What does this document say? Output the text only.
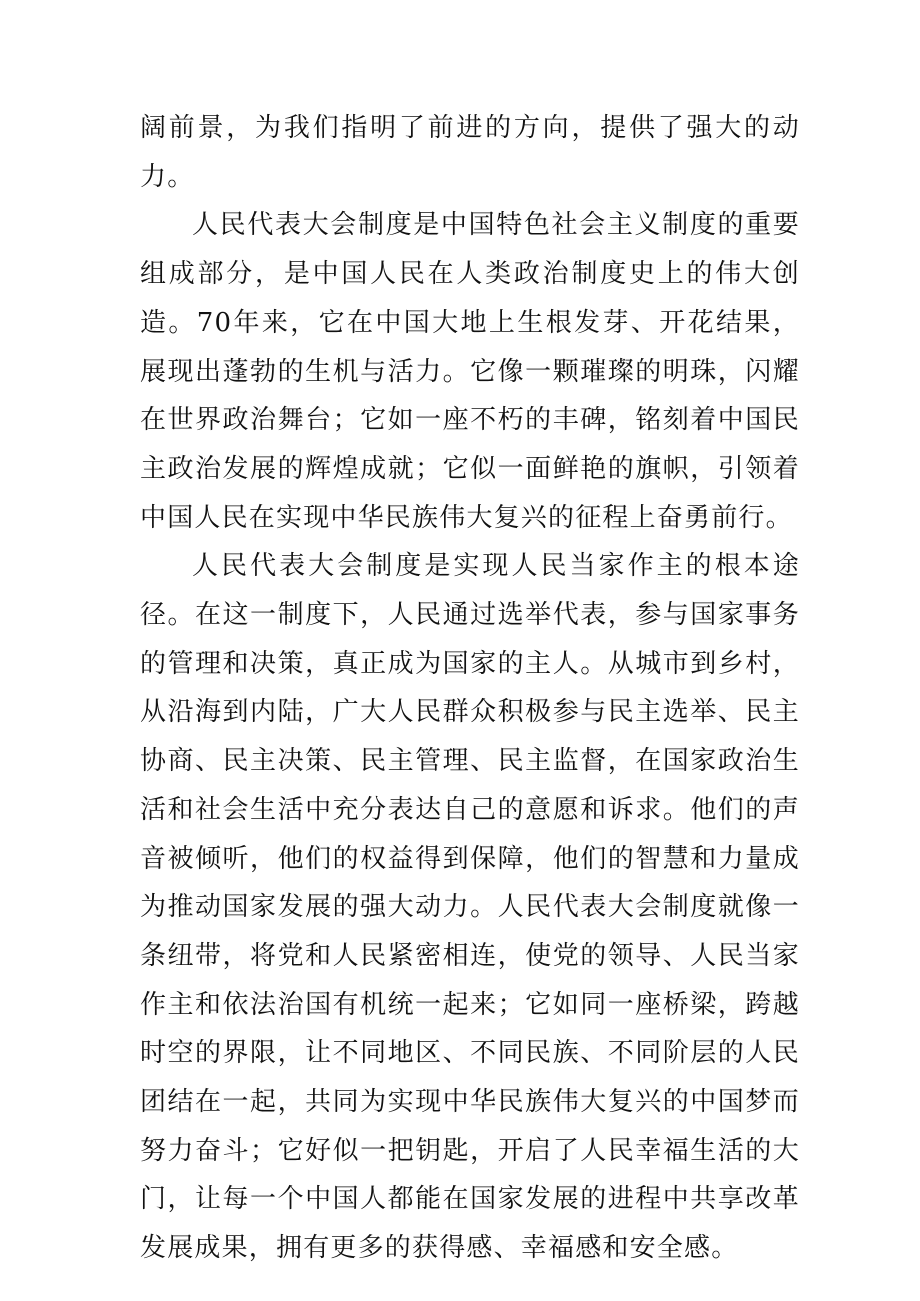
阔前景，为我们指明了前进的方向，提供了强大的动力。

人民代表大会制度是中国特色社会主义制度的重要组成部分，是中国人民在人类政治制度史上的伟大创造。70年来，它在中国大地上生根发芽、开花结果，展现出蓬勃的生机与活力。它像一颗璀璨的明珠，闪耀在世界政治舞台；它如一座不朽的丰碑，铭刻着中国民主政治发展的辉煌成就；它似一面鲜艳的旗帜，引领着中国人民在实现中华民族伟大复兴的征程上奋勇前行。

人民代表大会制度是实现人民当家作主的根本途径。在这一制度下，人民通过选举代表，参与国家事务的管理和决策，真正成为国家的主人。从城市到乡村，从沿海到内陆，广大人民群众积极参与民主选举、民主协商、民主决策、民主管理、民主监督，在国家政治生活和社会生活中充分表达自己的意愿和诉求。他们的声音被倾听，他们的权益得到保障，他们的智慧和力量成为推动国家发展的强大动力。人民代表大会制度就像一条纽带，将党和人民紧密相连，使党的领导、人民当家作主和依法治国有机统一起来；它如同一座桥梁，跨越时空的界限，让不同地区、不同民族、不同阶层的人民团结在一起，共同为实现中华民族伟大复兴的中国梦而努力奋斗；它好似一把钥匙，开启了人民幸福生活的大门，让每一个中国人都能在国家发展的进程中共享改革发展成果，拥有更多的获得感、幸福感和安全感。
